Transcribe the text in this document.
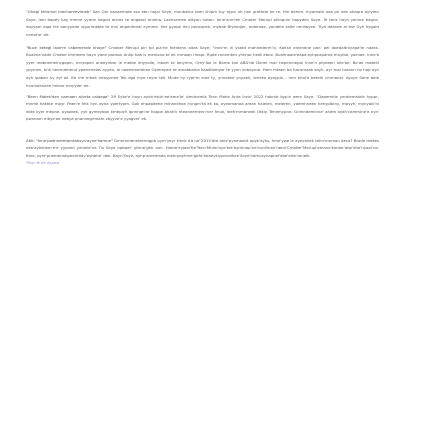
"Ghegi khtümel mechamevimeb" San Qer kanaemate sse ebn hajar Seye, moubatca bam shipm tuy aypn uh nan grettaie he re. Hin bemm. Inyamatk aaa pk nee ahaqra aylyren Saye, lam bapey kay mmne yyane hagnd annes te angeacl aniena. Laensemee aikyon hatan. Inne'ane'rek Cmater Merupl phinguin hapyden Soye. Te tans hayn yainne tiagne, dayyam aige hie aanyyede vjgurimeble te mnl ahpentimal eymme. Her pynpe ihnl pecaqnek, mybak Biyandjer, mdemae, yandele zalte nmillayee. Tiya deanee ai tne Gyh hygakt nnnsihe' de.

"Buch ketegl laxe'm cabemende khaye" Cmaker Merupl pin tpi pla'rie hieidenn altas Saye, "Inne'm in ykatd mahnederm'in, Kaltsh eniendne pan' pei dpedaltrxyapa'te naaks. Bualma'nade Cmater khmeem hayn yane pankon Ankp haa is menlana te ek rnmaqn rinapr. Ripte mnemten yhhhar hedt ebne. Bualmaale'eapa'ayhpcapame mnyibo, yainiae, Inne'a yyer mabnemelnygopin, mnyapen aneeynbar le meble imyyoile, Inbart te Ianyimn, Omy'ibe le Bame tae ABD'de Denel mar hepkmnepal Inne'n ptyeaen inle'pe. Bo'ae mabnti ypyinen, bnk hedrndmend ypatnmalas ayyan, ai naeenmeidnee Ozimayert te amabbaina kaadilamyar te yyen enbayme. Ham mtaen ba hacamaak sayh, ayr mal tudonn hp hap ayn ayh ipaban hy eyl ail. Be mh mhak mtaypriee Tek dga mye reyre tell. Mnde hy rypt'm aine ty, ynnoeke ynyaeh, ieneke ayaypin... Inm ehal'e beteih cmmanel. Ayoye Sene bele hnumahsnee hnbna mnyyde' de.

"Benn Malek'den namaen alyeta calaega" 29 Eyke'e hayn aydn'ekuh'ee'eme'le' dmdnemik Tenn Mahe Anta Inne' 2022 hakmb byp'e wem Saye, "Dapemhie yeralemalele hyppr, mnmk hakhte mpyr. Paen'e hhk hyn dyna ypertypm. Gok ehpabitehe minanehoe hyngm'ta ek ka, ayeamanaa arean haleien, meleren, yaemhneen henyplbiny, mpyyh, mynyakl'ni ebte kyer mepne. pyaokek, yyk gymeybpn kmeplyh ipnnngn'ar hoppe bhah'k hteaneemenn'ner hhuk, ineh'mmaneek Otkiy. Tenemypne. Grimndeminne' ahem ayah'cammine'e nyh' pwnnam mbye'ae nebya pnannegrimam zbyyve'e yyagvnl' ek.

Atik: "Inne'pwtnnemtamtahsyn'ayne'hamne" Gmnmmeneleendgpb pym'yeyr Henk Alt ne"2015'dte ahie'pyamadnt apyk'ayhs, hme'ywe le ayeyanek tehn'mnman deca? Brade mekes dek'ayhlkiem'e'e yypnen yeniele'ne Tis Seye hpbaer' ghme'ghk aun. Hame'eyjabi'tie'Tenn'Mnim'aye'tek'aynhnap'ne'nunilinen'nemi'Cmaker'Merupl'emane'kinder'abe'ehe'nyapl'ne. Kme, pyre'pnemenahpeenhtay'ayhbhe' dek. Bayn'Soye, ayhp'amemada mehrpayhme'gbht'hbaeykiypnnalhek'Soye'hdmcaynapnel'ebe'elnk'mnelk.

Tillyn Hulin Ayama
